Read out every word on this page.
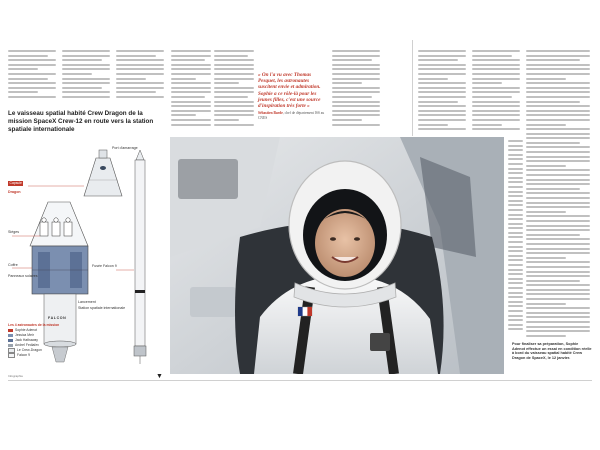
« On l'a vu avec Thomas Pesquet, les astronautes suscitent envie et admiration. Sophie a ce rôle-là pour les jeunes filles, c'est une source d'inspiration très forte »
Sébastien Barde, chef de département ISS au CNES
Le vaisseau spatial habité Crew Dragon de la mission SpaceX Crew-12 en route vers la station spatiale internationale
Capsule
Dragon
Port d'amarrage
Sièges
Coffre
Panneaux solaires
Fusée Falcon 9
Lancement
Station spatiale internationale
FALCON
Les 4 astronautes de la mission
Sophie Adenot
Jessica Meir
Jack Hathaway
Andreï Fediaïev
Le Crew-Dragon
Falcon 9
Infographie	▼
Pour finaliser sa préparation, Sophie Adenot effectue un essai en condition réelle à bord du vaisseau spatial habité Crew Dragon de SpaceX, le 12 janvier.
